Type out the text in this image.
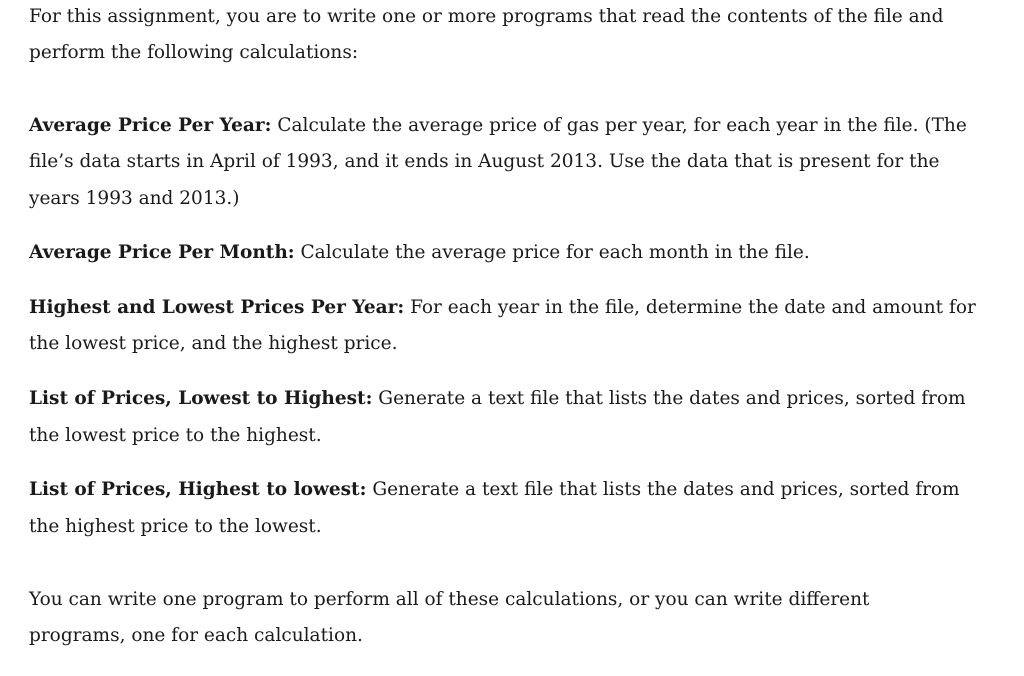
For this assignment, you are to write one or more programs that read the contents of the file and
perform the following calculations:
Average Price Per Year: Calculate the average price of gas per year, for each year in the file. (The
file’s data starts in April of 1993, and it ends in August 2013. Use the data that is present for the
years 1993 and 2013.)
Average Price Per Month: Calculate the average price for each month in the file.
Highest and Lowest Prices Per Year: For each year in the file, determine the date and amount for
the lowest price, and the highest price.
List of Prices, Lowest to Highest: Generate a text file that lists the dates and prices, sorted from
the lowest price to the highest.
List of Prices, Highest to lowest: Generate a text file that lists the dates and prices, sorted from
the highest price to the lowest.
You can write one program to perform all of these calculations, or you can write different
programs, one for each calculation.
